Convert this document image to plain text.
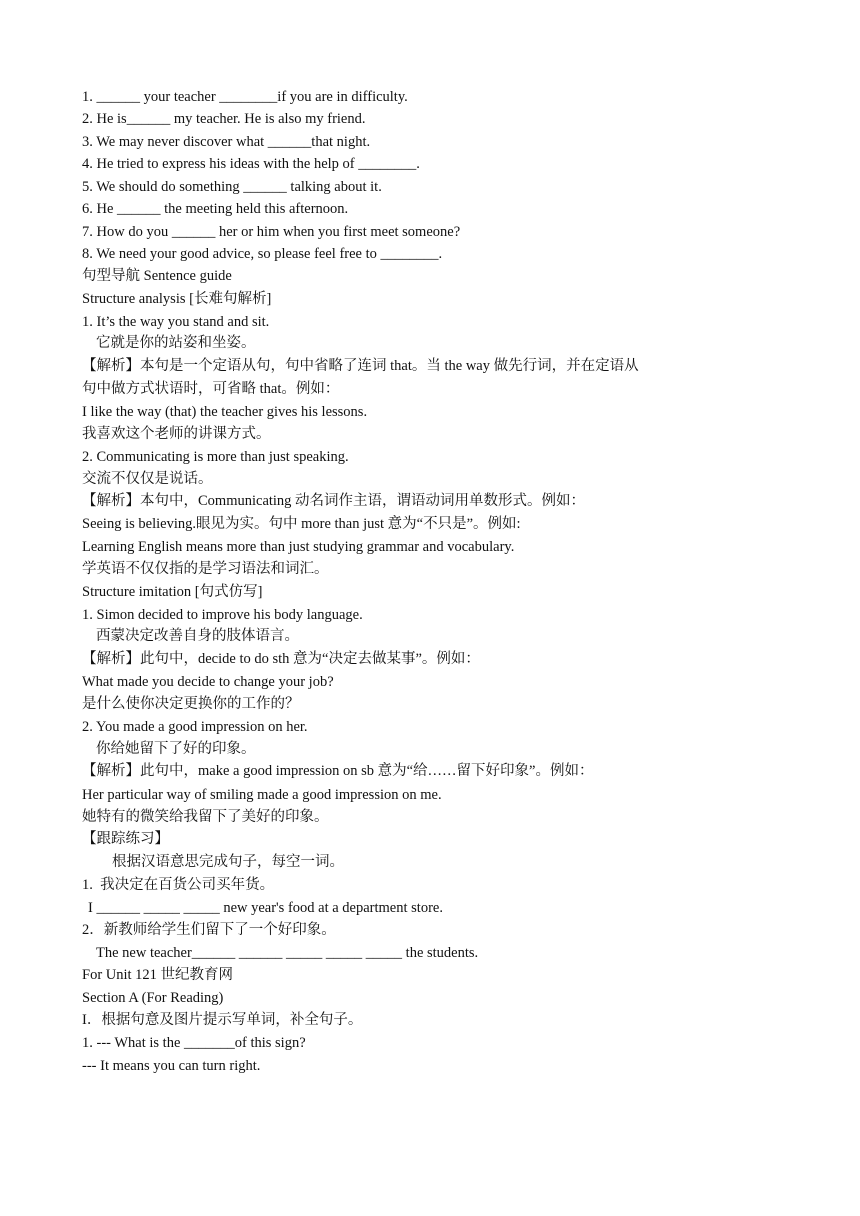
1. ______ your teacher ________if you are in difficulty.
2. He is______ my teacher. He is also my friend.
3. We may never discover what ______that night.
4. He tried to express his ideas with the help of ________.
5. We should do something ______ talking about it.
6. He ______ the meeting held this afternoon.
7. How do you ______ her or him when you first meet someone?
8. We need your good advice, so please feel free to ________.
句型导航 Sentence guide
Structure analysis [长难句解析]
1. It’s the way you stand and sit.
它就是你的站姿和坐姿。
【解析】本句是一个定语从句，句中省略了连词 that。当 the way 做先行词，并在定语从
句中做方式状语时，可省略 that。例如：
I like the way (that) the teacher gives his lessons.
我喜欢这个老师的讲课方式。
2. Communicating is more than just speaking.
交流不仅仅是说话。
【解析】本句中，Communicating 动名词作主语，谓语动词用单数形式。例如：
Seeing is believing.眼见为实。句中 more than just 意为“不只是”。例如:
Learning English means more than just studying grammar and vocabulary.
学英语不仅仅指的是学习语法和词汇。
Structure imitation [句式仿写]
1. Simon decided to improve his body language.
西蒙决定改善自身的肢体语言。
【解析】此句中，decide to do sth 意为“决定去做某事”。例如：
What made you decide to change your job?
是什么使你决定更换你的工作的？
2. You made a good impression on her.
你给她留下了好的印象。
【解析】此句中，make a good impression on sb 意为“给……留下好印象”。例如：
Her particular way of smiling made a good impression on me.
她特有的微笑给我留下了美好的印象。
【跟踪练习】
根据汉语意思完成句子，每空一词。
1.  我决定在百货公司买年货。
I ______ _____ _____ new year's food at a department store.
2．新教师给学生们留下了一个好印象。
The new teacher______ ______ _____ _____ _____ the students.
For Unit 121 世纪教育网
Section A (For Reading)
I．根据句意及图片提示写单词，补全句子。
1. --- What is the _______of this sign?
--- It means you can turn right.
